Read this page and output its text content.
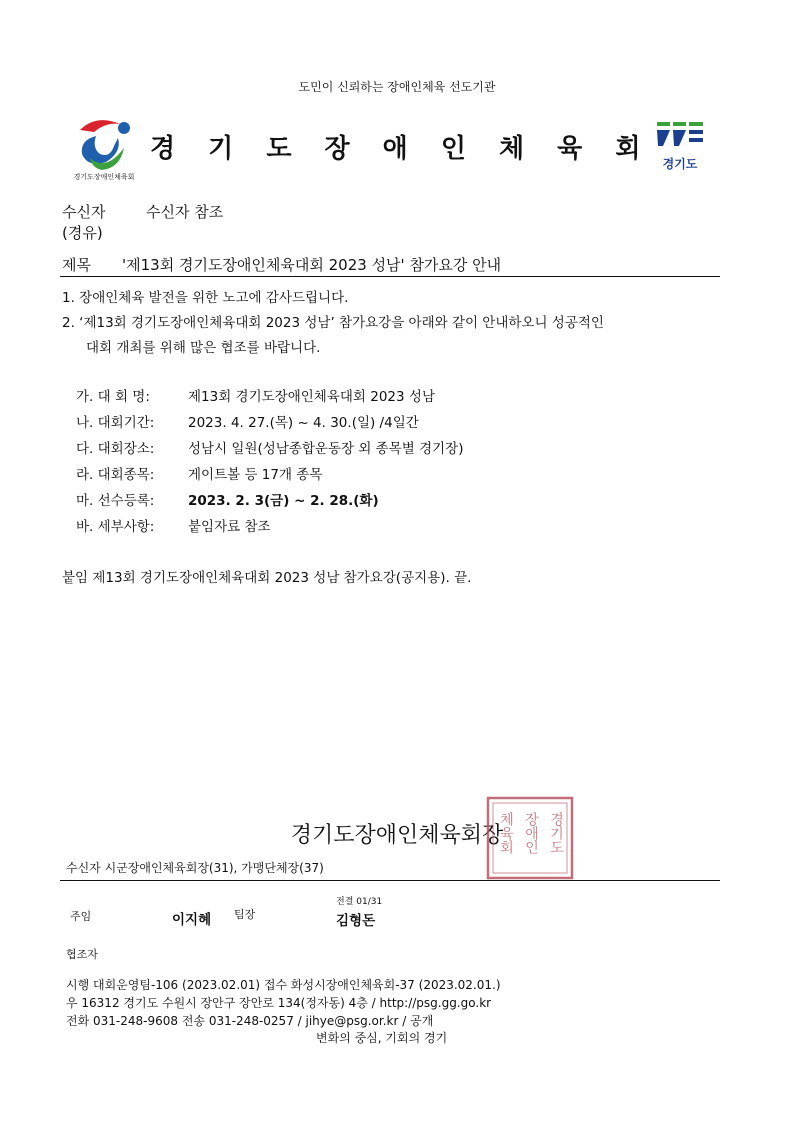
도민이 신뢰하는 장애인체육 선도기관
경기도장애인체육회
경 기 도 장 애 인 체 육 회 경기도
수신자	수신자 참조
(경유)
제목 '제13회 경기도장애인체육대회 2023 성남' 참가요강 안내
1. 장애인체육 발전을 위한 노고에 감사드립니다.
2. ‘제13회 경기도장애인체육대회 2023 성남’ 참가요강을 아래와 같이 안내하오니 성공적인
대회 개최를 위해 많은 협조를 바랍니다.
가. 대 회 명:	제13회 경기도장애인체육대회 2023 성남
나. 대회기간: 2023. 4. 27.(목) ~ 4. 30.(일) /4일간
다. 대회장소: 성남시 일원(성남종합운동장 외 종목별 경기장)
라. 대회종목: 게이트볼 등 17개 종목
마. 선수등록: 2023. 2. 3(금) ~ 2. 28.(화)
바. 세부사항: 붙임자료 참조
붙임 제13회 경기도장애인체육대회 2023 성남 참가요강(공지용). 끝.
경기도장애인체육회장	경기도
장애인
체육회
수신자 시군장애인체육회장(31), 가맹단체장(37)
주임	이지혜 팀장
전결 01/31
김형돈
협조자
시행 대회운영팀-106 (2023.02.01) 접수 화성시장애인체육회-37 (2023.02.01.)
우 16312 경기도 수원시 장안구 장안로 134(정자동) 4층 / http://psg.gg.go.kr
전화 031-248-9608 전송 031-248-0257 / jihye@psg.or.kr / 공개
변화의 중심, 기회의 경기
